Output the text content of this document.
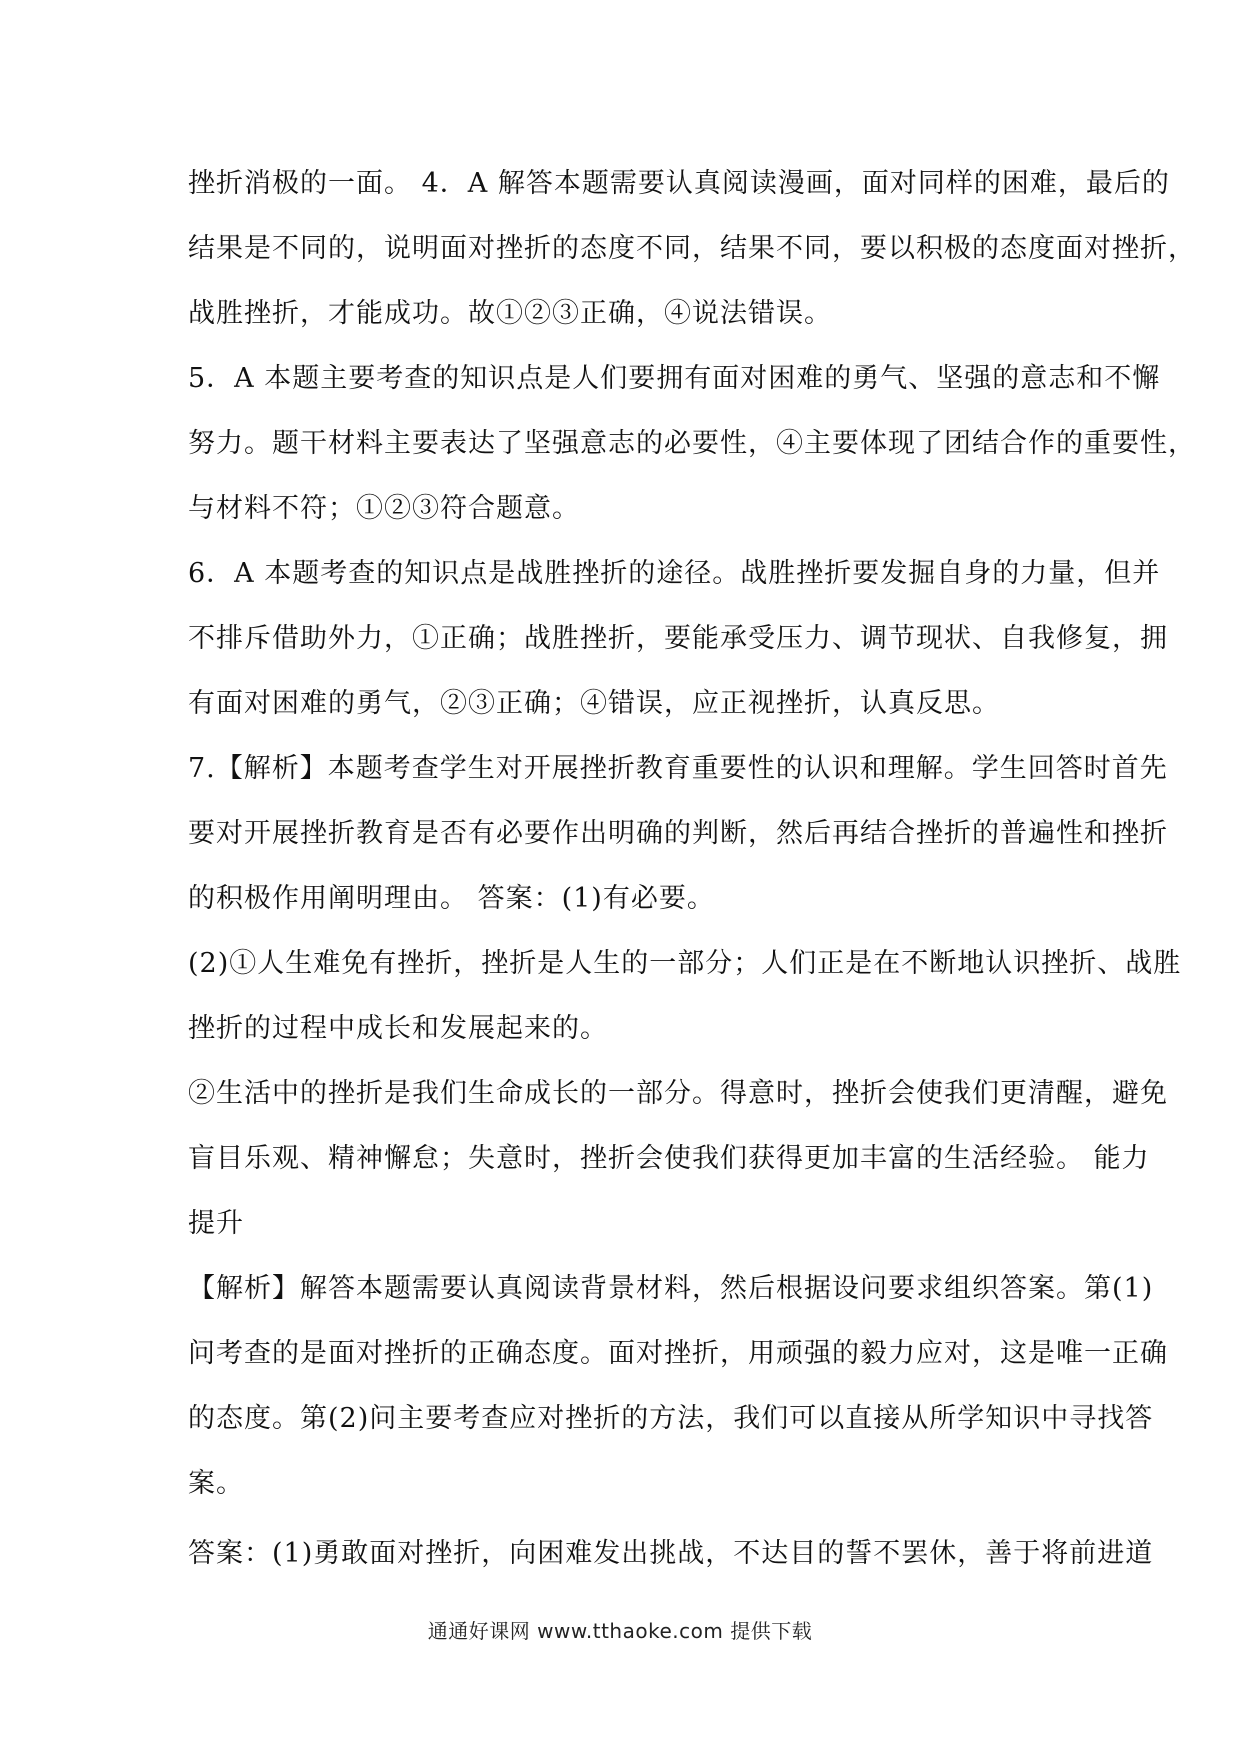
挫折消极的一面。 4．A 解答本题需要认真阅读漫画，面对同样的困难，最后的
结果是不同的，说明面对挫折的态度不同，结果不同，要以积极的态度面对挫折，
战胜挫折，才能成功。故①②③正确，④说法错误。
5．A 本题主要考查的知识点是人们要拥有面对困难的勇气、坚强的意志和不懈
努力。题干材料主要表达了坚强意志的必要性，④主要体现了团结合作的重要性，
与材料不符；①②③符合题意。
6．A 本题考查的知识点是战胜挫折的途径。战胜挫折要发掘自身的力量，但并
不排斥借助外力，①正确；战胜挫折，要能承受压力、调节现状、自我修复，拥
有面对困难的勇气，②③正确；④错误，应正视挫折，认真反思。
7.【解析】本题考查学生对开展挫折教育重要性的认识和理解。学生回答时首先
要对开展挫折教育是否有必要作出明确的判断，然后再结合挫折的普遍性和挫折
的积极作用阐明理由。 答案：(1)有必要。
(2)①人生难免有挫折，挫折是人生的一部分；人们正是在不断地认识挫折、战胜
挫折的过程中成长和发展起来的。
②生活中的挫折是我们生命成长的一部分。得意时，挫折会使我们更清醒，避免
盲目乐观、精神懈怠；失意时，挫折会使我们获得更加丰富的生活经验。 能力
提升
【解析】解答本题需要认真阅读背景材料，然后根据设问要求组织答案。第(1)
问考查的是面对挫折的正确态度。面对挫折，用顽强的毅力应对，这是唯一正确
的态度。第(2)问主要考查应对挫折的方法，我们可以直接从所学知识中寻找答
案。
答案：(1)勇敢面对挫折，向困难发出挑战，不达目的誓不罢休，善于将前进道
通通好课网 www.tthaoke.com 提供下载
